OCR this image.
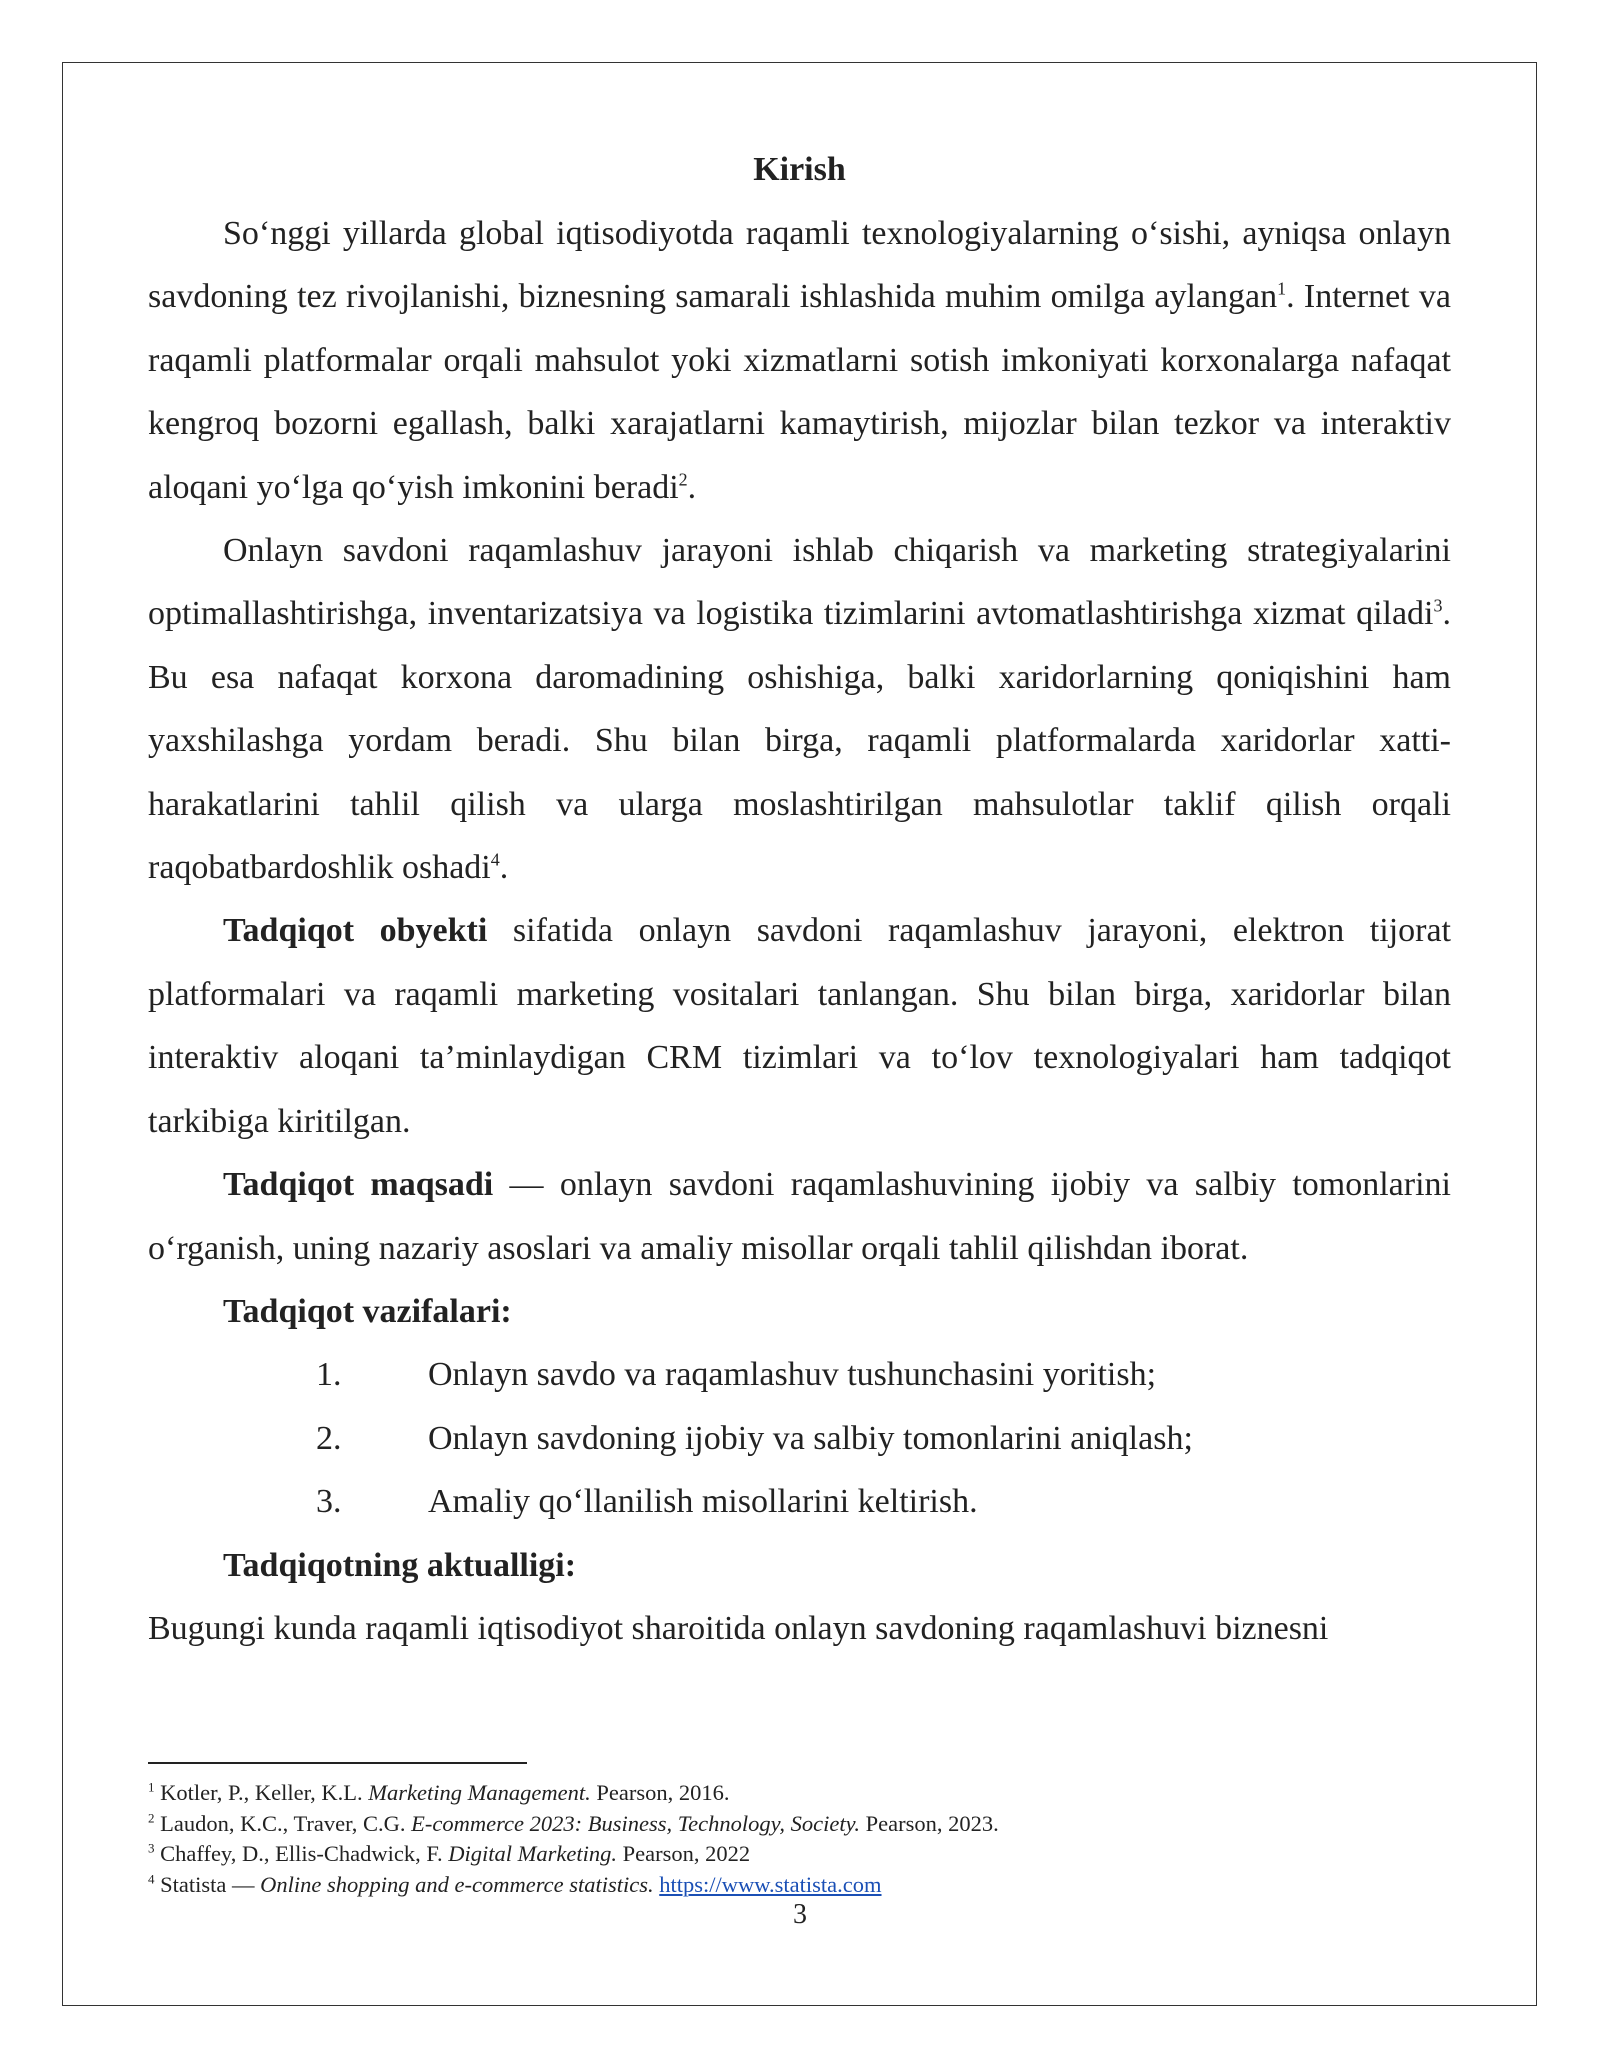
Kirish

So‘nggi yillarda global iqtisodiyotda raqamli texnologiyalarning o‘sishi, ayniqsa onlayn savdoning tez rivojlanishi, biznesning samarali ishlashida muhim omilga aylangan$^1$. Internet va raqamli platformalar orqali mahsulot yoki xizmatlarni sotish imkoniyati korxonalarga nafaqat kengroq bozorni egallash, balki xarajatlarni kamaytirish, mijozlar bilan tezkor va interaktiv aloqani yo‘lga qo‘yish imkonini beradi$^2$.

Onlayn savdoni raqamlashuv jarayoni ishlab chiqarish va marketing strategiyalarini optimallashtirishga, inventarizatsiya va logistika tizimlarini avtomatlashtirishga xizmat qiladi$^3$. Bu esa nafaqat korxona daromadining oshishiga, balki xaridorlarning qoniqishini ham yaxshilashga yordam beradi. Shu bilan birga, raqamli platformalarda xaridorlar xatti-harakatlarini tahlil qilish va ularga moslashtirilgan mahsulotlar taklif qilish orqali raqobatbardoshlik oshadi$^4$.

Tadqiqot obyekti sifatida onlayn savdoni raqamlashuv jarayoni, elektron tijorat platformalari va raqamli marketing vositalari tanlangan. Shu bilan birga, xaridorlar bilan interaktiv aloqani ta’minlaydigan CRM tizimlari va to‘lov texnologiyalari ham tadqiqot tarkibiga kiritilgan.

Tadqiqot maqsadi — onlayn savdoni raqamlashuvining ijobiy va salbiy tomonlarini o‘rganish, uning nazariy asoslari va amaliy misollar orqali tahlil qilishdan iborat.

Tadqiqot vazifalari:

1.	Onlayn savdo va raqamlashuv tushunchasini yoritish;
2.	Onlayn savdoning ijobiy va salbiy tomonlarini aniqlash;
3.	Amaliy qo‘llanilish misollarini keltirish.

Tadqiqotning aktualligi:

Bugungi kunda raqamli iqtisodiyot sharoitida onlayn savdoning raqamlashuvi biznesni

$^1$ Kotler, P., Keller, K.L. Marketing Management. Pearson, 2016.

$^2$ Laudon, K.C., Traver, C.G. E-commerce 2023: Business, Technology, Society. Pearson, 2023.

$^3$ Chaffey, D., Ellis-Chadwick, F. Digital Marketing. Pearson, 2022

$^4$ Statista — Online shopping and e-commerce statistics. https://www.statista.com

3
